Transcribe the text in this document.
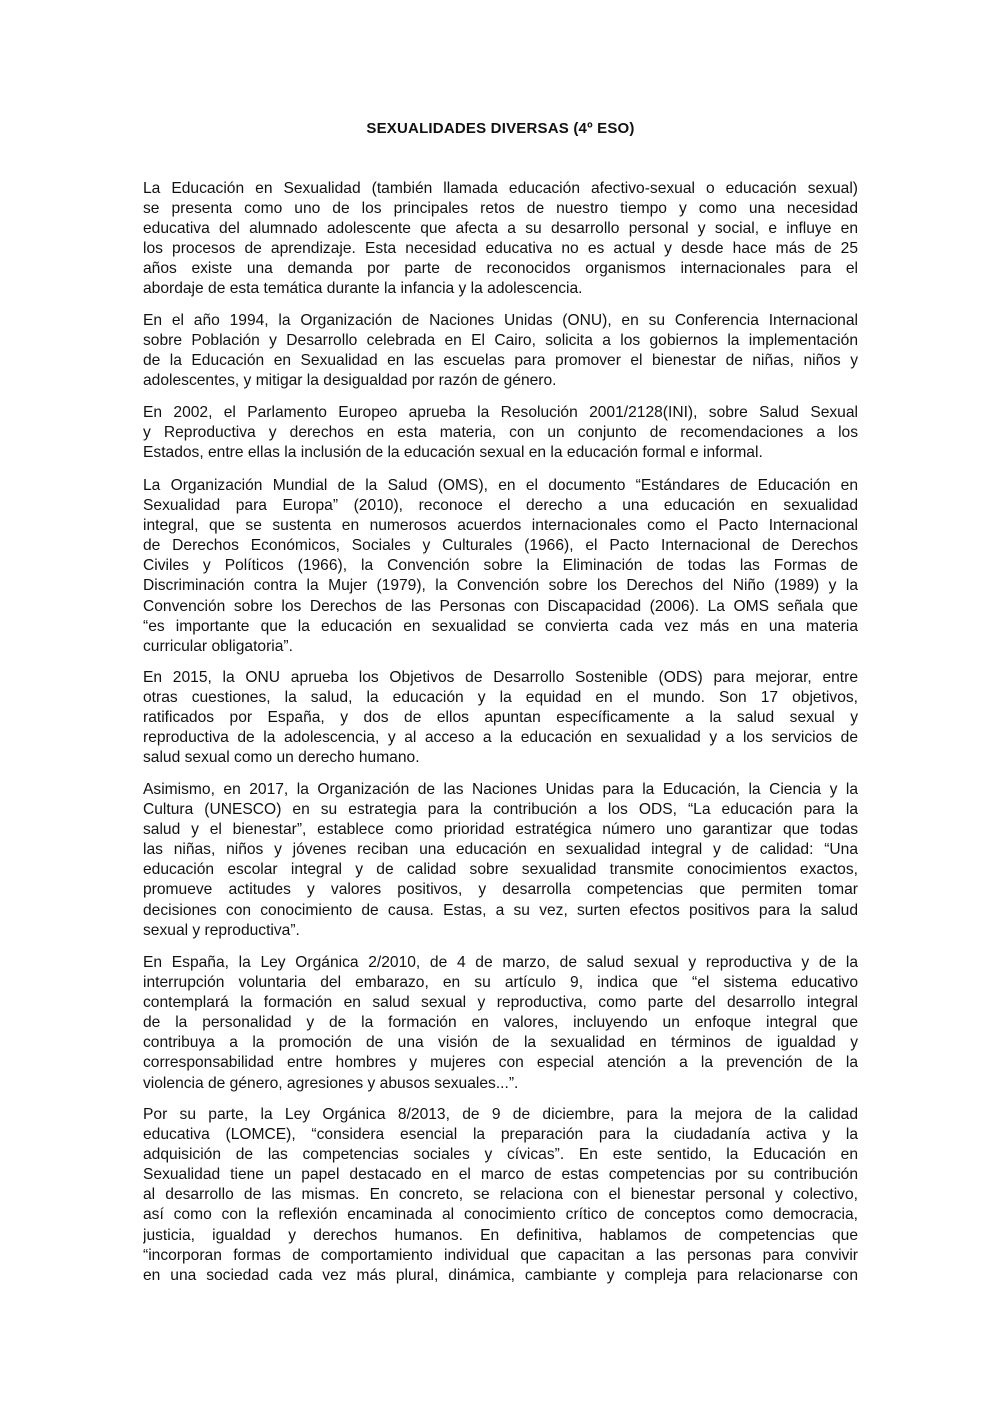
SEXUALIDADES DIVERSAS (4º ESO)
La Educación en Sexualidad (también llamada educación afectivo-sexual o educación sexual)
se presenta como uno de los principales retos de nuestro tiempo y como una necesidad
educativa del alumnado adolescente que afecta a su desarrollo personal y social, e influye en
los procesos de aprendizaje. Esta necesidad educativa no es actual y desde hace más de 25
años existe una demanda por parte de reconocidos organismos internacionales para el
abordaje de esta temática durante la infancia y la adolescencia.
En el año 1994, la Organización de Naciones Unidas (ONU), en su Conferencia Internacional
sobre Población y Desarrollo celebrada en El Cairo, solicita a los gobiernos la implementación
de la Educación en Sexualidad en las escuelas para promover el bienestar de niñas, niños y
adolescentes, y mitigar la desigualdad por razón de género.
En 2002, el Parlamento Europeo aprueba la Resolución 2001/2128(INI), sobre Salud Sexual
y Reproductiva y derechos en esta materia, con un conjunto de recomendaciones a los
Estados, entre ellas la inclusión de la educación sexual en la educación formal e informal.
La Organización Mundial de la Salud (OMS), en el documento “Estándares de Educación en
Sexualidad para Europa” (2010), reconoce el derecho a una educación en sexualidad
integral, que se sustenta en numerosos acuerdos internacionales como el Pacto Internacional
de Derechos Económicos, Sociales y Culturales (1966), el Pacto Internacional de Derechos
Civiles y Políticos (1966), la Convención sobre la Eliminación de todas las Formas de
Discriminación contra la Mujer (1979), la Convención sobre los Derechos del Niño (1989) y la
Convención sobre los Derechos de las Personas con Discapacidad (2006). La OMS señala que
“es importante que la educación en sexualidad se convierta cada vez más en una materia
curricular obligatoria”.
En 2015, la ONU aprueba los Objetivos de Desarrollo Sostenible (ODS) para mejorar, entre
otras cuestiones, la salud, la educación y la equidad en el mundo. Son 17 objetivos,
ratificados por España, y dos de ellos apuntan específicamente a la salud sexual y
reproductiva de la adolescencia, y al acceso a la educación en sexualidad y a los servicios de
salud sexual como un derecho humano.
Asimismo, en 2017, la Organización de las Naciones Unidas para la Educación, la Ciencia y la
Cultura (UNESCO) en su estrategia para la contribución a los ODS, “La educación para la
salud y el bienestar”, establece como prioridad estratégica número uno garantizar que todas
las niñas, niños y jóvenes reciban una educación en sexualidad integral y de calidad: “Una
educación escolar integral y de calidad sobre sexualidad transmite conocimientos exactos,
promueve actitudes y valores positivos, y desarrolla competencias que permiten tomar
decisiones con conocimiento de causa. Estas, a su vez, surten efectos positivos para la salud
sexual y reproductiva”.
En España, la Ley Orgánica 2/2010, de 4 de marzo, de salud sexual y reproductiva y de la
interrupción voluntaria del embarazo, en su artículo 9, indica que “el sistema educativo
contemplará la formación en salud sexual y reproductiva, como parte del desarrollo integral
de la personalidad y de la formación en valores, incluyendo un enfoque integral que
contribuya a la promoción de una visión de la sexualidad en términos de igualdad y
corresponsabilidad entre hombres y mujeres con especial atención a la prevención de la
violencia de género, agresiones y abusos sexuales...”.
Por su parte, la Ley Orgánica 8/2013, de 9 de diciembre, para la mejora de la calidad
educativa (LOMCE), “considera esencial la preparación para la ciudadanía activa y la
adquisición de las competencias sociales y cívicas”. En este sentido, la Educación en
Sexualidad tiene un papel destacado en el marco de estas competencias por su contribución
al desarrollo de las mismas. En concreto, se relaciona con el bienestar personal y colectivo,
así como con la reflexión encaminada al conocimiento crítico de conceptos como democracia,
justicia, igualdad y derechos humanos. En definitiva, hablamos de competencias que
“incorporan formas de comportamiento individual que capacitan a las personas para convivir
en una sociedad cada vez más plural, dinámica, cambiante y compleja para relacionarse con
